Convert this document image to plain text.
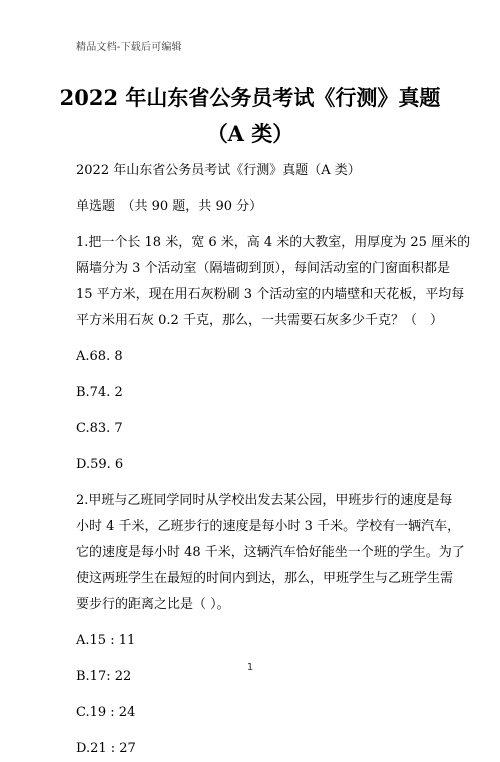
精品文档-下载后可编辑
2022 年山东省公务员考试《行测》真题
（A 类）
2022 年山东省公务员考试《行测》真题（A 类）
单选题　（共 90 题，共 90 分）
1.把一个长 18 米，宽 6 米，高 4 米的大教室，用厚度为 25 厘米的
隔墙分为 3 个活动室（隔墙砌到顶），每间活动室的门窗面积都是
15 平方米，现在用石灰粉刷 3 个活动室的内墙壁和天花板，平均每
平方米用石灰 0.2 千克，那么，一共需要石灰多少千克？（　）
A.68. 8
B.74. 2
C.83. 7
D.59. 6
2.甲班与乙班同学同时从学校出发去某公园，甲班步行的速度是每
小时 4 千米，乙班步行的速度是每小时 3 千米。学校有一辆汽车，
它的速度是每小时 48 千米，这辆汽车恰好能坐一个班的学生。为了
使这两班学生在最短的时间内到达，那么，甲班学生与乙班学生需
要步行的距离之比是（ ）。
A.15 : 11
B.17: 22
C.19 : 24
D.21 : 27
1
